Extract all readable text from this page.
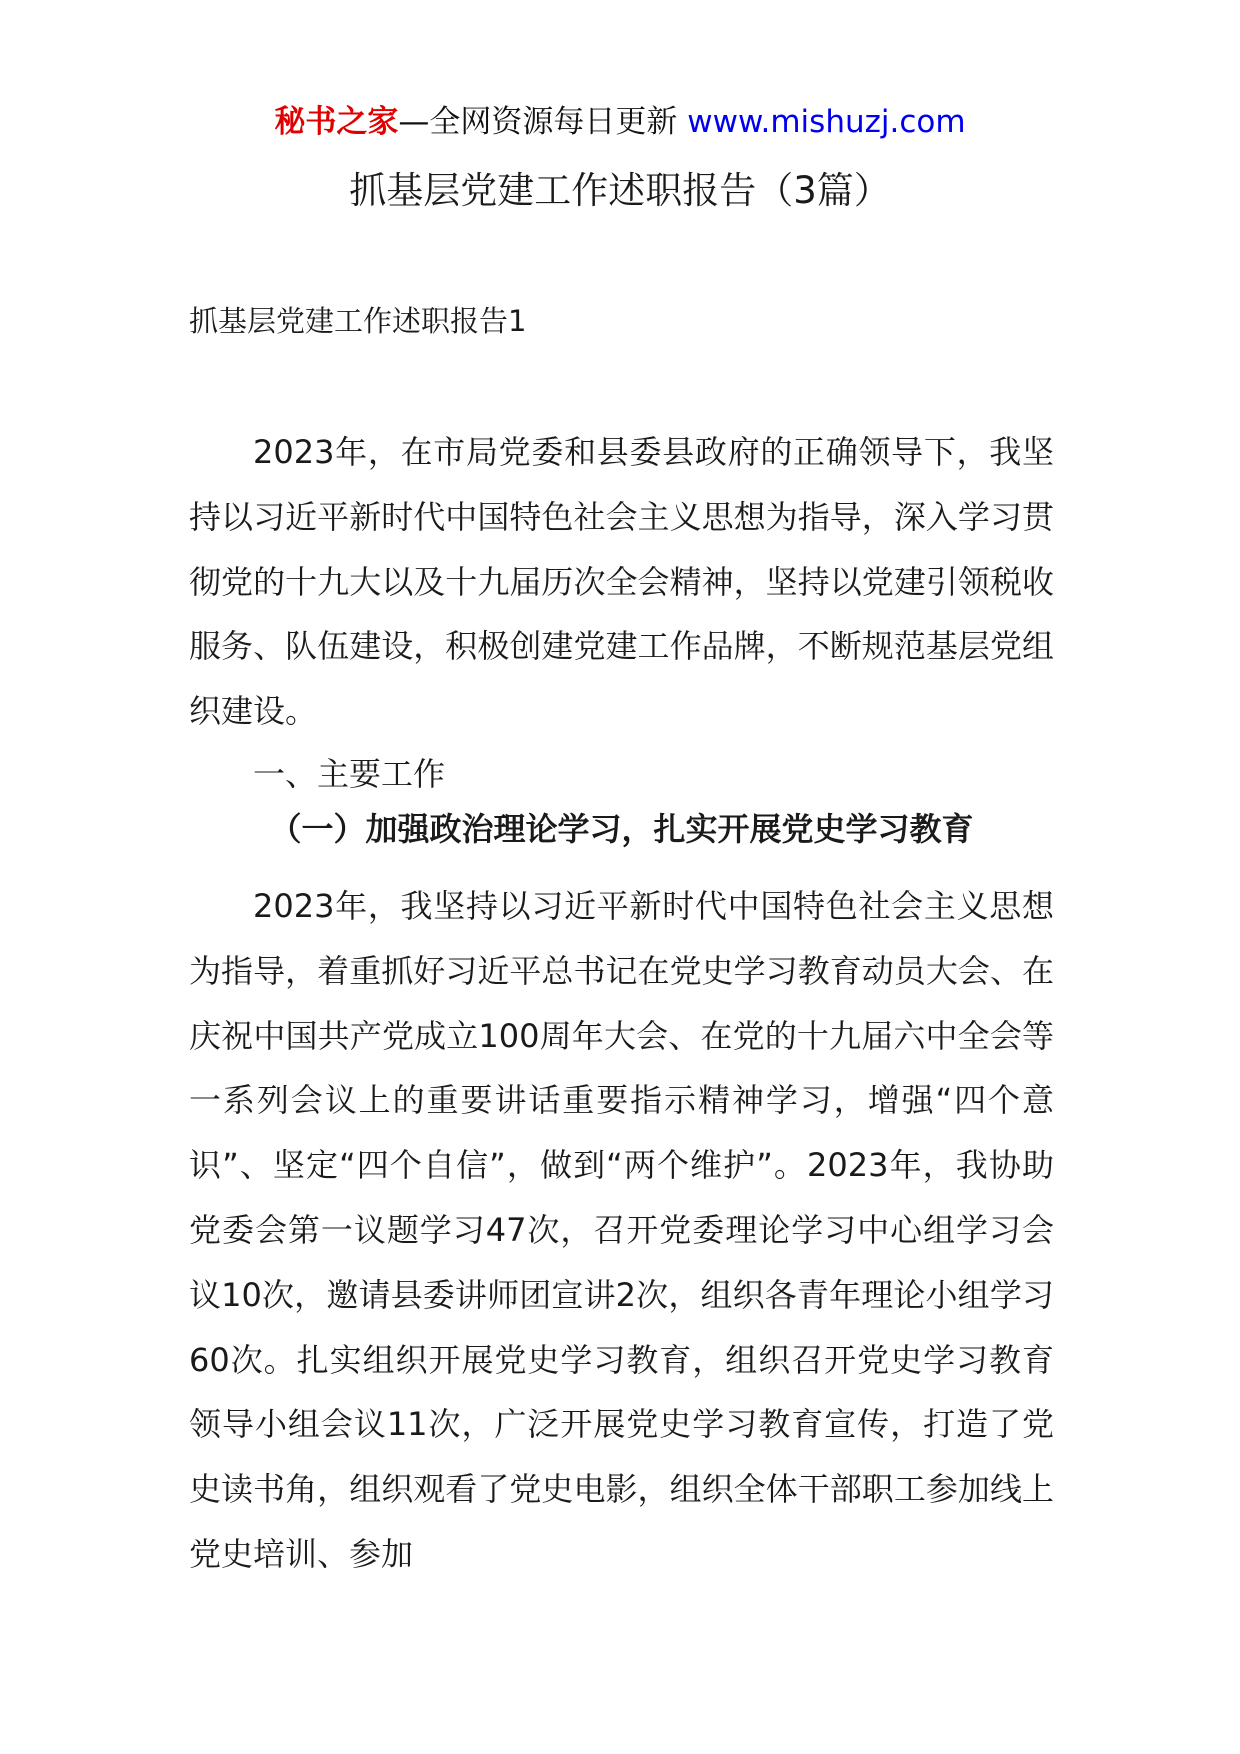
秘书之家—全网资源每日更新 www.mishuzj.com
抓基层党建工作述职报告（3篇）
抓基层党建工作述职报告1

2023年，在市局党委和县委县政府的正确领导下，我坚持以习近平新时代中国特色社会主义思想为指导，深入学习贯彻党的十九大以及十九届历次全会精神，坚持以党建引领税收服务、队伍建设，积极创建党建工作品牌，不断规范基层党组织建设。

一、主要工作

（一）加强政治理论学习，扎实开展党史学习教育

2023年，我坚持以习近平新时代中国特色社会主义思想为指导，着重抓好习近平总书记在党史学习教育动员大会、在庆祝中国共产党成立100周年大会、在党的十九届六中全会等一系列会议上的重要讲话重要指示精神学习，增强“四个意识”、坚定“四个自信”，做到“两个维护”。2023年，我协助党委会第一议题学习47次，召开党委理论学习中心组学习会议10次，邀请县委讲师团宣讲2次，组织各青年理论小组学习60次。扎实组织开展党史学习教育，组织召开党史学习教育领导小组会议11次，广泛开展党史学习教育宣传，打造了党史读书角，组织观看了党史电影，组织全体干部职工参加线上党史培训、参加
